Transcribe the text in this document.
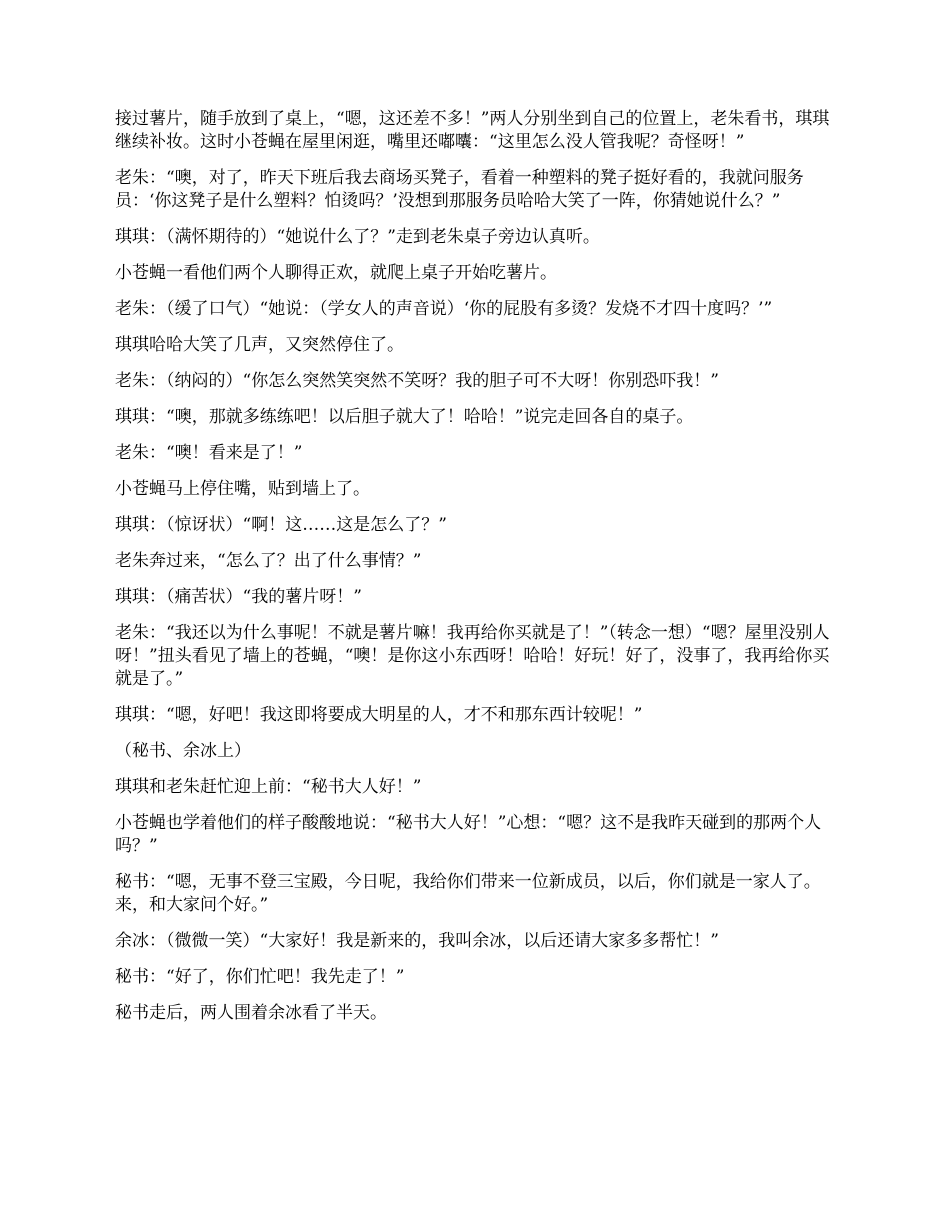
接过薯片，随手放到了桌上，“嗯，这还差不多！”两人分别坐到自己的位置上，老朱看书，琪琪继续补妆。这时小苍蝇在屋里闲逛，嘴里还嘟囔：“这里怎么没人管我呢？奇怪呀！”

老朱：“噢，对了，昨天下班后我去商场买凳子，看着一种塑料的凳子挺好看的，我就问服务员：‘你这凳子是什么塑料？怕烫吗？’没想到那服务员哈哈大笑了一阵，你猜她说什么？”

琪琪：（满怀期待的）“她说什么了？”走到老朱桌子旁边认真听。

小苍蝇一看他们两个人聊得正欢，就爬上桌子开始吃薯片。

老朱：（缓了口气）“她说：（学女人的声音说）‘你的屁股有多烫？发烧不才四十度吗？’”

琪琪哈哈大笑了几声，又突然停住了。

老朱：（纳闷的）“你怎么突然笑突然不笑呀？我的胆子可不大呀！你别恐吓我！”

琪琪：“噢，那就多练练吧！以后胆子就大了！哈哈！”说完走回各自的桌子。

老朱：“噢！看来是了！”

小苍蝇马上停住嘴，贴到墙上了。

琪琪：（惊讶状）“啊！这……这是怎么了？”

老朱奔过来，“怎么了？出了什么事情？”

琪琪：（痛苦状）“我的薯片呀！”

老朱：“我还以为什么事呢！不就是薯片嘛！我再给你买就是了！”（转念一想）“嗯？屋里没别人呀！”扭头看见了墙上的苍蝇，“噢！是你这小东西呀！哈哈！好玩！好了，没事了，我再给你买就是了。”

琪琪：“嗯，好吧！我这即将要成大明星的人，才不和那东西计较呢！”

（秘书、余冰上）

琪琪和老朱赶忙迎上前：“秘书大人好！”

小苍蝇也学着他们的样子酸酸地说：“秘书大人好！”心想：“嗯？这不是我昨天碰到的那两个人吗？”

秘书：“嗯，无事不登三宝殿，今日呢，我给你们带来一位新成员，以后，你们就是一家人了。来，和大家问个好。”

余冰：（微微一笑）“大家好！我是新来的，我叫余冰，以后还请大家多多帮忙！”

秘书：“好了，你们忙吧！我先走了！”

秘书走后，两人围着余冰看了半天。
